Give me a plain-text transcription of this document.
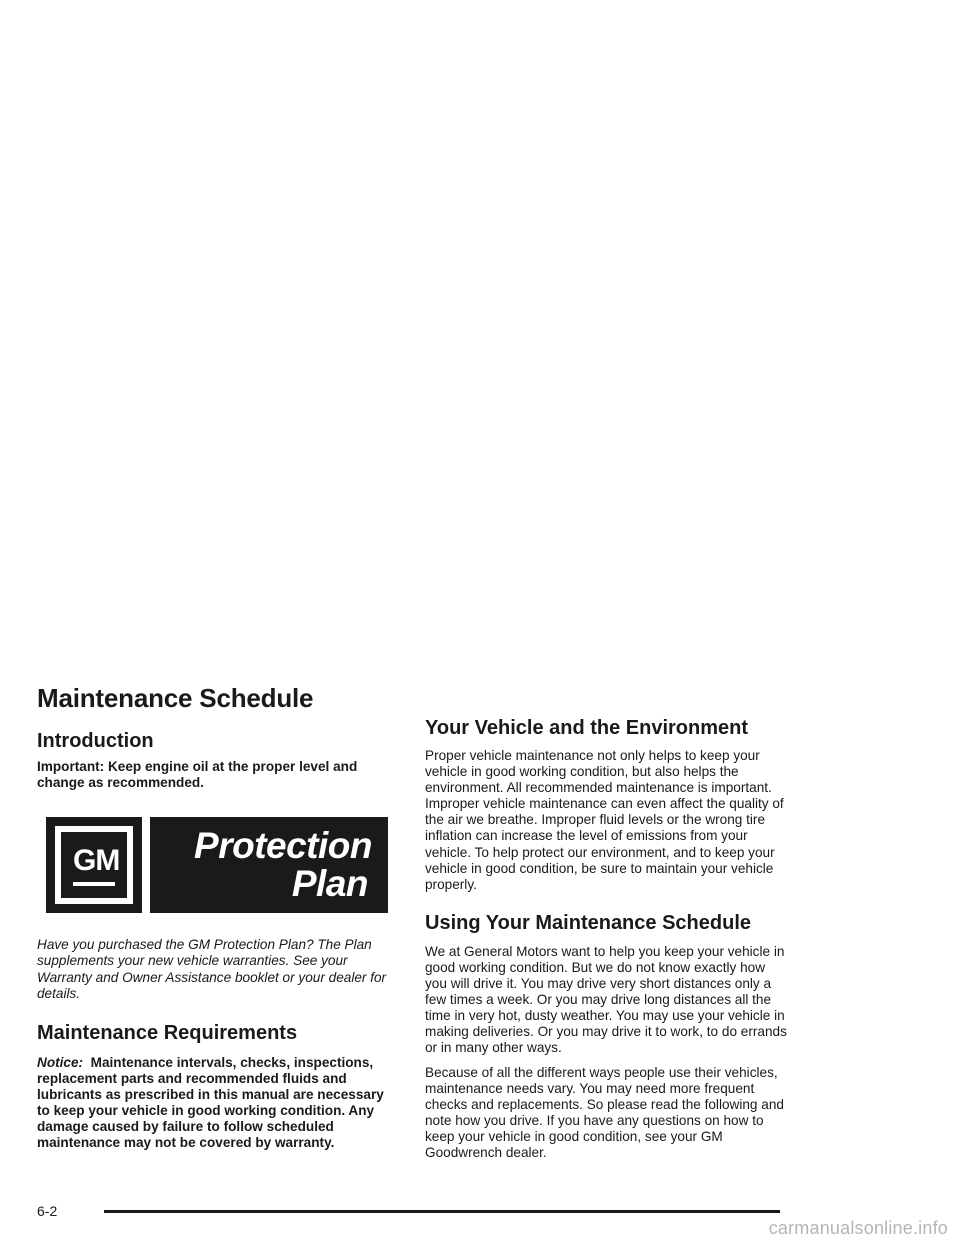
Maintenance Schedule
Introduction

Important: Keep engine oil at the proper level and change as recommended.

GM Protection
Plan

Have you purchased the GM Protection Plan? The Plan supplements your new vehicle warranties. See your Warranty and Owner Assistance booklet or your dealer for details.

Maintenance Requirements

Notice: Maintenance intervals, checks, inspections, replacement parts and recommended fluids and lubricants as prescribed in this manual are necessary to keep your vehicle in good working condition. Any damage caused by failure to follow scheduled maintenance may not be covered by warranty.

Your Vehicle and the Environment

Proper vehicle maintenance not only helps to keep your vehicle in good working condition, but also helps the environment. All recommended maintenance is important. Improper vehicle maintenance can even affect the quality of the air we breathe. Improper fluid levels or the wrong tire inflation can increase the level of emissions from your vehicle. To help protect our environment, and to keep your vehicle in good condition, be sure to maintain your vehicle properly.

Using Your Maintenance Schedule

We at General Motors want to help you keep your vehicle in good working condition. But we do not know exactly how you will drive it. You may drive very short distances only a few times a week. Or you may drive long distances all the time in very hot, dusty weather. You may use your vehicle in making deliveries. Or you may drive it to work, to do errands or in many other ways.

Because of all the different ways people use their vehicles, maintenance needs vary. You may need more frequent checks and replacements. So please read the following and note how you drive. If you have any questions on how to keep your vehicle in good condition, see your GM Goodwrench dealer.

6-2
carmanualsonline.info
